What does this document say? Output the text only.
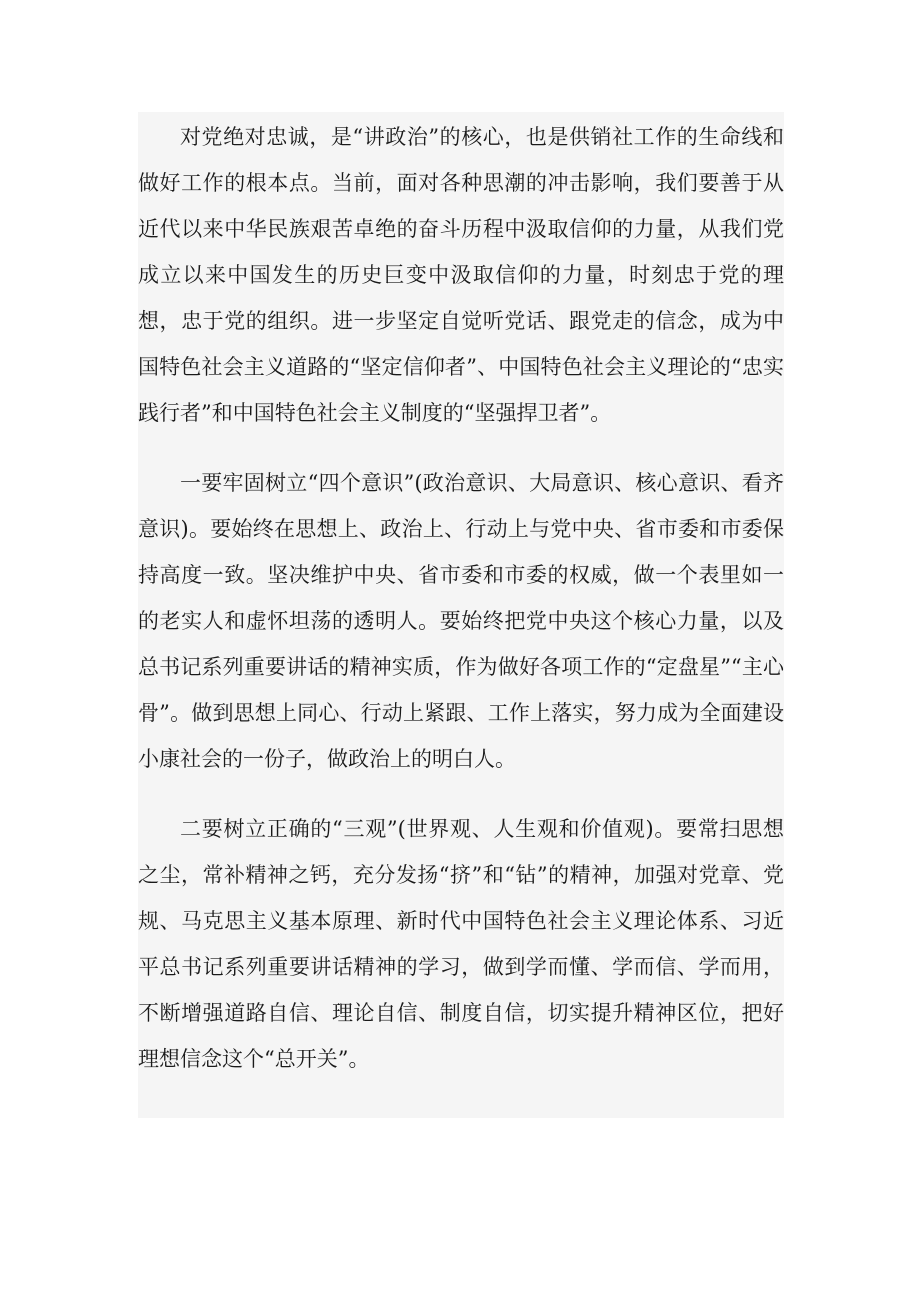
对党绝对忠诚，是“讲政治”的核心，也是供销社工作的生命线和做好工作的根本点。当前，面对各种思潮的冲击影响，我们要善于从近代以来中华民族艰苦卓绝的奋斗历程中汲取信仰的力量，从我们党成立以来中国发生的历史巨变中汲取信仰的力量，时刻忠于党的理想，忠于党的组织。进一步坚定自觉听党话、跟党走的信念，成为中国特色社会主义道路的“坚定信仰者”、中国特色社会主义理论的“忠实践行者”和中国特色社会主义制度的“坚强捍卫者”。

一要牢固树立“四个意识”(政治意识、大局意识、核心意识、看齐意识)。要始终在思想上、政治上、行动上与党中央、省市委和市委保持高度一致。坚决维护中央、省市委和市委的权威，做一个表里如一的老实人和虚怀坦荡的透明人。要始终把党中央这个核心力量，以及总书记系列重要讲话的精神实质，作为做好各项工作的“定盘星”“主心骨”。做到思想上同心、行动上紧跟、工作上落实，努力成为全面建设小康社会的一份子，做政治上的明白人。

二要树立正确的“三观”(世界观、人生观和价值观)。要常扫思想之尘，常补精神之钙，充分发扬“挤”和“钻”的精神，加强对党章、党规、马克思主义基本原理、新时代中国特色社会主义理论体系、习近平总书记系列重要讲话精神的学习，做到学而懂、学而信、学而用，不断增强道路自信、理论自信、制度自信，切实提升精神区位，把好理想信念这个“总开关”。
